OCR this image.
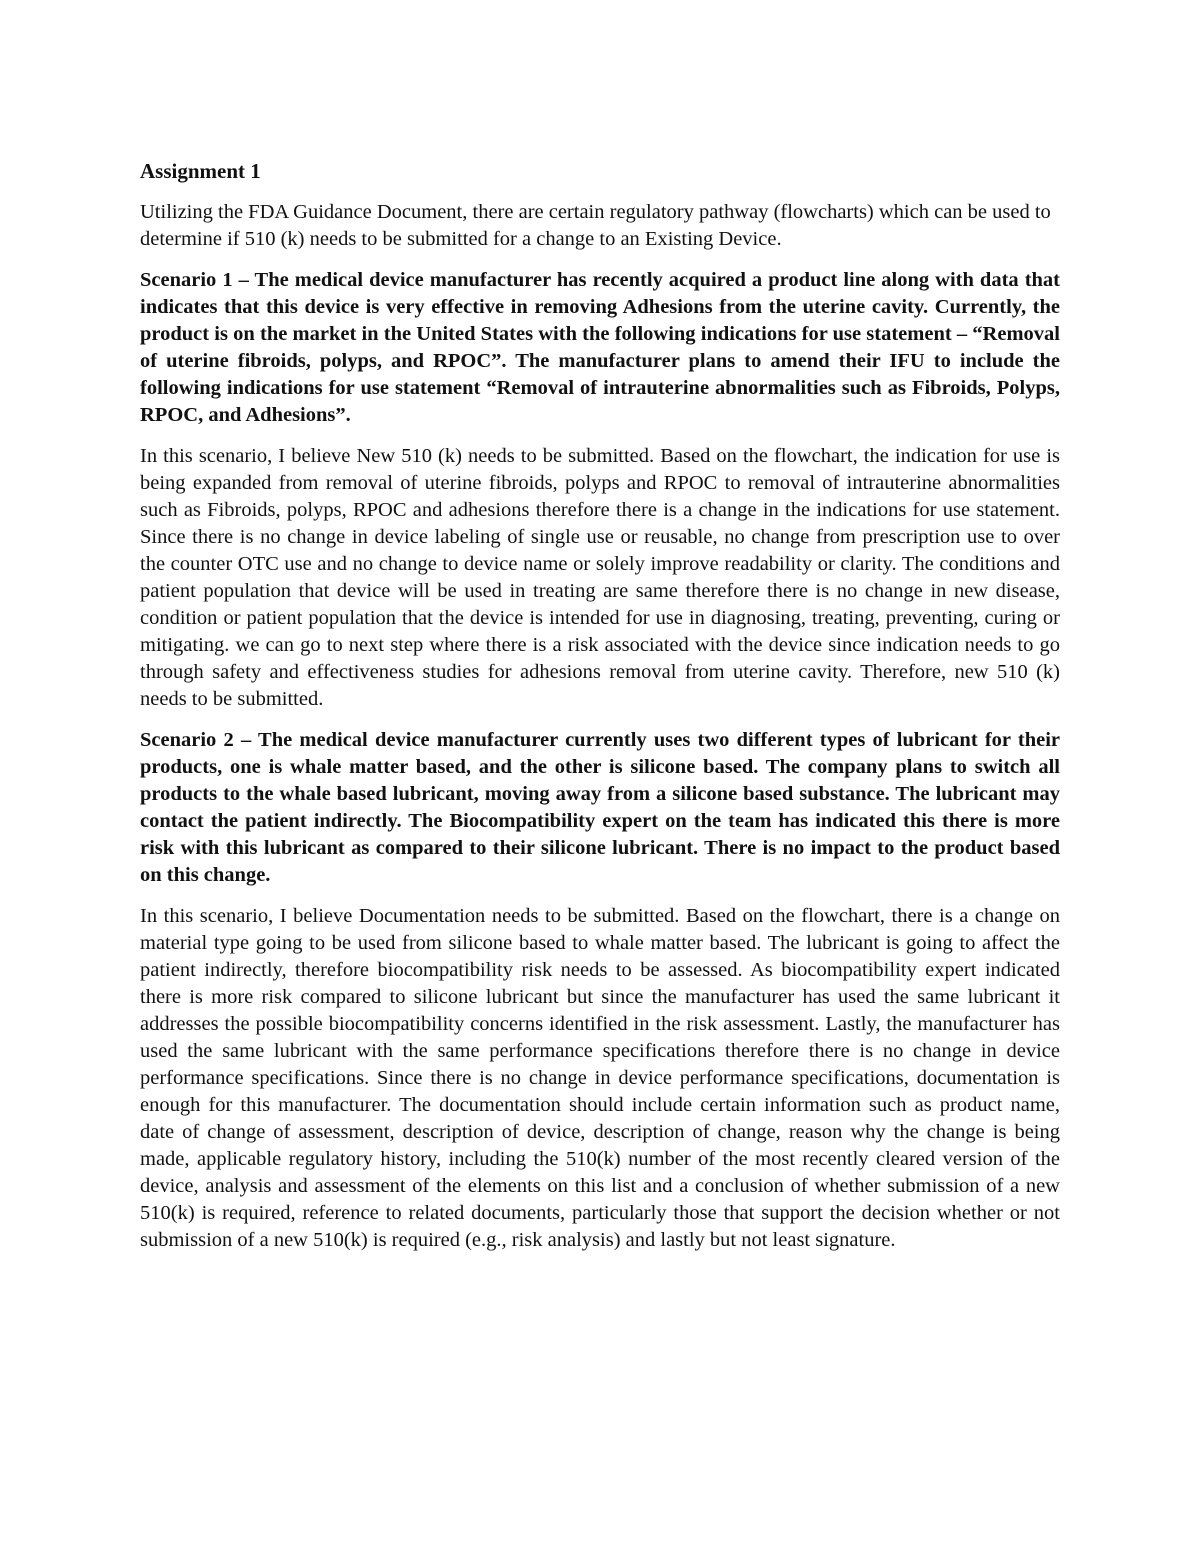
Assignment 1

Utilizing the FDA Guidance Document, there are certain regulatory pathway (flowcharts) which can be used to determine if 510 (k) needs to be submitted for a change to an Existing Device.

Scenario 1 – The medical device manufacturer has recently acquired a product line along with data that indicates that this device is very effective in removing Adhesions from the uterine cavity. Currently, the product is on the market in the United States with the following indications for use statement – “Removal of uterine fibroids, polyps, and RPOC”. The manufacturer plans to amend their IFU to include the following indications for use statement “Removal of intrauterine abnormalities such as Fibroids, Polyps, RPOC, and Adhesions”.

In this scenario, I believe New 510 (k) needs to be submitted. Based on the flowchart, the indication for use is being expanded from removal of uterine fibroids, polyps and RPOC to removal of intrauterine abnormalities such as Fibroids, polyps, RPOC and adhesions therefore there is a change in the indications for use statement. Since there is no change in device labeling of single use or reusable, no change from prescription use to over the counter OTC use and no change to device name or solely improve readability or clarity. The conditions and patient population that device will be used in treating are same therefore there is no change in new disease, condition or patient population that the device is intended for use in diagnosing, treating, preventing, curing or mitigating. we can go to next step where there is a risk associated with the device since indication needs to go through safety and effectiveness studies for adhesions removal from uterine cavity. Therefore, new 510 (k) needs to be submitted.

Scenario 2 – The medical device manufacturer currently uses two different types of lubricant for their products, one is whale matter based, and the other is silicone based. The company plans to switch all products to the whale based lubricant, moving away from a silicone based substance. The lubricant may contact the patient indirectly. The Biocompatibility expert on the team has indicated this there is more risk with this lubricant as compared to their silicone lubricant. There is no impact to the product based on this change.

In this scenario, I believe Documentation needs to be submitted. Based on the flowchart, there is a change on material type going to be used from silicone based to whale matter based. The lubricant is going to affect the patient indirectly, therefore biocompatibility risk needs to be assessed. As biocompatibility expert indicated there is more risk compared to silicone lubricant but since the manufacturer has used the same lubricant it addresses the possible biocompatibility concerns identified in the risk assessment. Lastly, the manufacturer has used the same lubricant with the same performance specifications therefore there is no change in device performance specifications. Since there is no change in device performance specifications, documentation is enough for this manufacturer. The documentation should include certain information such as product name, date of change of assessment, description of device, description of change, reason why the change is being made, applicable regulatory history, including the 510(k) number of the most recently cleared version of the device, analysis and assessment of the elements on this list and a conclusion of whether submission of a new 510(k) is required, reference to related documents, particularly those that support the decision whether or not submission of a new 510(k) is required (e.g., risk analysis) and lastly but not least signature.
